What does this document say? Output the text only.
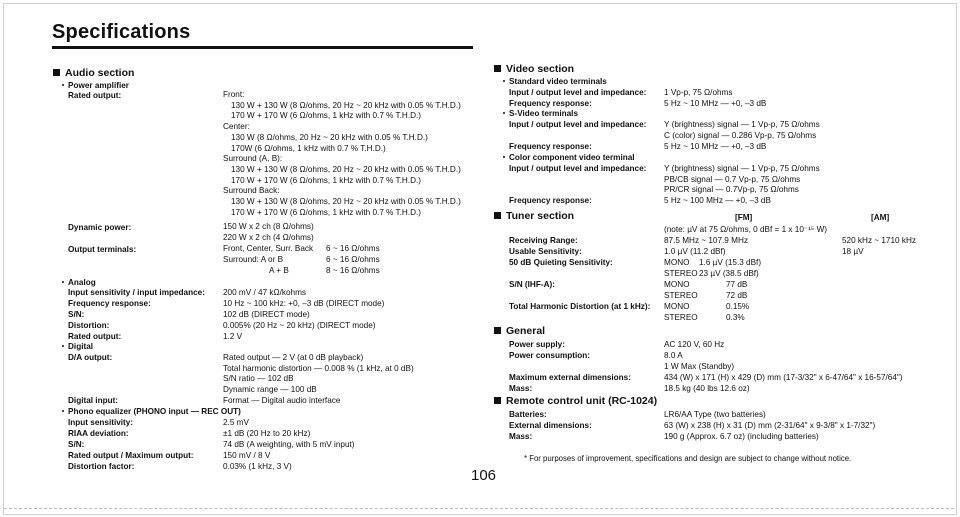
Specifications
Audio section
Power amplifier
Rated output:	Front:
130 W + 130 W (8 Ω/ohms, 20 Hz ~ 20 kHz with 0.05 % T.H.D.)
170 W + 170 W (6 Ω/ohms, 1 kHz with 0.7 % T.H.D.)
Center:
130 W (8 Ω/ohms, 20 Hz ~ 20 kHz with 0.05 % T.H.D.)
170W (6 Ω/ohms, 1 kHz with 0.7 % T.H.D.)
Surround (A, B):
130 W + 130 W (8 Ω/ohms, 20 Hz ~ 20 kHz with 0.05 % T.H.D.)
170 W + 170 W (6 Ω/ohms, 1 kHz with 0.7 % T.H.D.)
Surround Back:
130 W + 130 W (8 Ω/ohms, 20 Hz ~ 20 kHz with 0.05 % T.H.D.)
170 W + 170 W (6 Ω/ohms, 1 kHz with 0.7 % T.H.D.)
Dynamic power:	150 W x 2 ch (8 Ω/ohms)
220 W x 2 ch (4 Ω/ohms)
Output terminals:	Front, Center, Surr. Back 6 ~ 16 Ω/ohms
Surround: A or B	6 ~ 16 Ω/ohms
A + B	8 ~ 16 Ω/ohms
Analog
Input sensitivity / input impedance: 200 mV / 47 kΩ/kohms
Frequency response:	10 Hz ~ 100 kHz: +0, –3 dB (DIRECT mode)
S/N:	102 dB (DIRECT mode)
Distortion:	0.005% (20 Hz ~ 20 kHz) (DIRECT mode)
Rated output:	1.2 V
Digital
D/A output:	Rated output — 2 V (at 0 dB playback)
Total harmonic distortion — 0.008 % (1 kHz, at 0 dB)
S/N ratio — 102 dB
Dynamic range — 100 dB
Digital input:	Format — Digital audio interface
Phono equalizer (PHONO input — REC OUT)
Input sensitivity:	2.5 mV
RIAA deviation:	±1 dB (20 Hz to 20 kHz)
S/N:	74 dB (A weighting, with 5 mV input)
Rated output / Maximum output:	150 mV / 8 V
Distortion factor:	0.03% (1 kHz, 3 V)
Video section
Standard video terminals
Input / output level and impedance: 1 Vp-p, 75 Ω/ohms
Frequency response:	5 Hz ~ 10 MHz — +0, –3 dB
S-Video terminals
Input / output level and impedance: Y (brightness) signal — 1 Vp-p, 75 Ω/ohms
C (color) signal — 0.286 Vp-p, 75 Ω/ohms
Frequency response:	5 Hz ~ 10 MHz — +0, –3 dB
Color component video terminal
Input / output level and impedance: Y (brightness) signal — 1 Vp-p, 75 Ω/ohms
PB/CB signal — 0.7 Vp-p, 75 Ω/ohms
PR/CR signal — 0.7Vp-p, 75 Ω/ohms
Frequency response:	5 Hz ~ 100 MHz — +0, –3 dB
Tuner section	[FM]	[AM]
(note: µV at 75 Ω/ohms, 0 dBf = 1 x 10⁻¹⁵ W)
Receiving Range:	87.5 MHz ~ 107.9 MHz	520 kHz ~ 1710 kHz
Usable Sensitivity:	1.0 µV (11.2 dBf)	18 µV
50 dB Quieting Sensitivity:	MONO 1.6 µV (15.3 dBf)
STEREO 23 µV (38.5 dBf)
S/N (IHF-A):	MONO	77 dB
STEREO	72 dB
Total Harmonic Distortion (at 1 kHz): MONO	0.15%
STEREO	0.3%
General
Power supply:	AC 120 V, 60 Hz
Power consumption:	8.0 A
1 W Max (Standby)
Maximum external dimensions:	434 (W) x 171 (H) x 429 (D) mm (17-3/32" x 6-47/64" x 16-57/64")
Mass:	18.5 kg (40 lbs 12.6 oz)
Remote control unit (RC-1024)
Batteries:	LR6/AA Type (two batteries)
External dimensions:	63 (W) x 238 (H) x 31 (D) mm (2-31/64" x 9-3/8" x 1-7/32")
Mass:	190 g (Approx. 6.7 oz) (including batteries)
* For purposes of improvement, specifications and design are subject to change without notice.
106
